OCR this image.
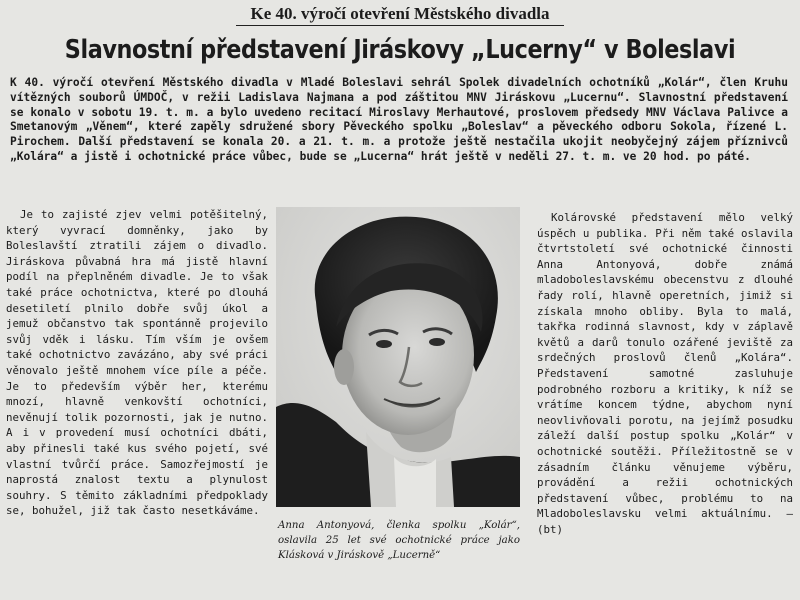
Ke 40. výročí otevření Městského divadla
Slavnostní představení Jiráskovy „Lucerny“ v Boleslavi
K 40. výročí otevření Městského divadla v Mladé Boleslavi sehrál Spolek divadelních ochotníků „Kolár“, člen Kruhu vítězných souborů ÚMDOČ, v režii Ladislava Najmana a pod záštitou MNV Jiráskovu „Lucernu“. Slavnostní představení se konalo v sobotu 19. t. m. a bylo uvedeno recitací Miroslavy Merhautové, proslovem předsedy MNV Václava Palivce a Smetanovým „Věnem“, které zapěly sdružené sbory Pěveckého spolku „Boleslav“ a pěveckého odboru Sokola, řízené L. Pirochem. Další představení se konala 20. a 21. t. m. a protože ještě nestačila ukojit neobyčejný zájem příznivců „Kolára“ a jistě i ochotnické práce vůbec, bude se „Lucerna“ hrát ještě v neděli 27. t. m. ve 20 hod. po páté.

Je to zajisté zjev velmi potěšitelný, který vyvrací domněnky, jako by Boleslavští ztratili zájem o divadlo. Jiráskova půvabná hra má jistě hlavní podíl na přeplněném divadle. Je to však také práce ochotnictva, které po dlouhá desetiletí plnilo dobře svůj úkol a jemuž občanstvo tak spontánně projevilo svůj vděk i lásku. Tím vším je ovšem také ochotnictvo zavázáno, aby své práci věnovalo ještě mnohem více píle a péče. Je to především výběr her, kterému mnozí, hlavně venkovští ochotníci, nevěnují tolik pozornosti, jak je nutno. A i v provedení musí ochotníci dbáti, aby přinesli také kus svého pojetí, své vlastní tvůrčí práce. Samozřejmostí je naprostá znalost textu a plynulost souhry. S těmito základními předpoklady se, bohužel, již tak často nesetkáváme.

Anna Antonyová, členka spolku „Kolár“, oslavila 25 let své ochotnické práce jako Klásková v Jiráskově „Lucerně“

Kolárovské představení mělo velký úspěch u publika. Při něm také oslavila čtvrtstoletí své ochotnické činnosti Anna Antonyová, dobře známá mladoboleslavskému obecenstvu z dlouhé řady rolí, hlavně operetních, jimiž si získala mnoho obliby. Byla to malá, takřka rodinná slavnost, kdy v záplavě květů a darů tonulo ozářené jeviště za srdečných proslovů členů „Kolára“. Představení samotné zasluhuje podrobného rozboru a kritiky, k níž se vrátíme koncem týdne, abychom nyní neovlivňovali porotu, na jejímž posudku záleží další postup spolku „Kolár“ v ochotnické soutěži. Příležitostně se v zásadním článku věnujeme výběru, provádění a režii ochotnických představení vůbec, problému to na Mladoboleslavsku velmi aktuálnímu. — (bt)
